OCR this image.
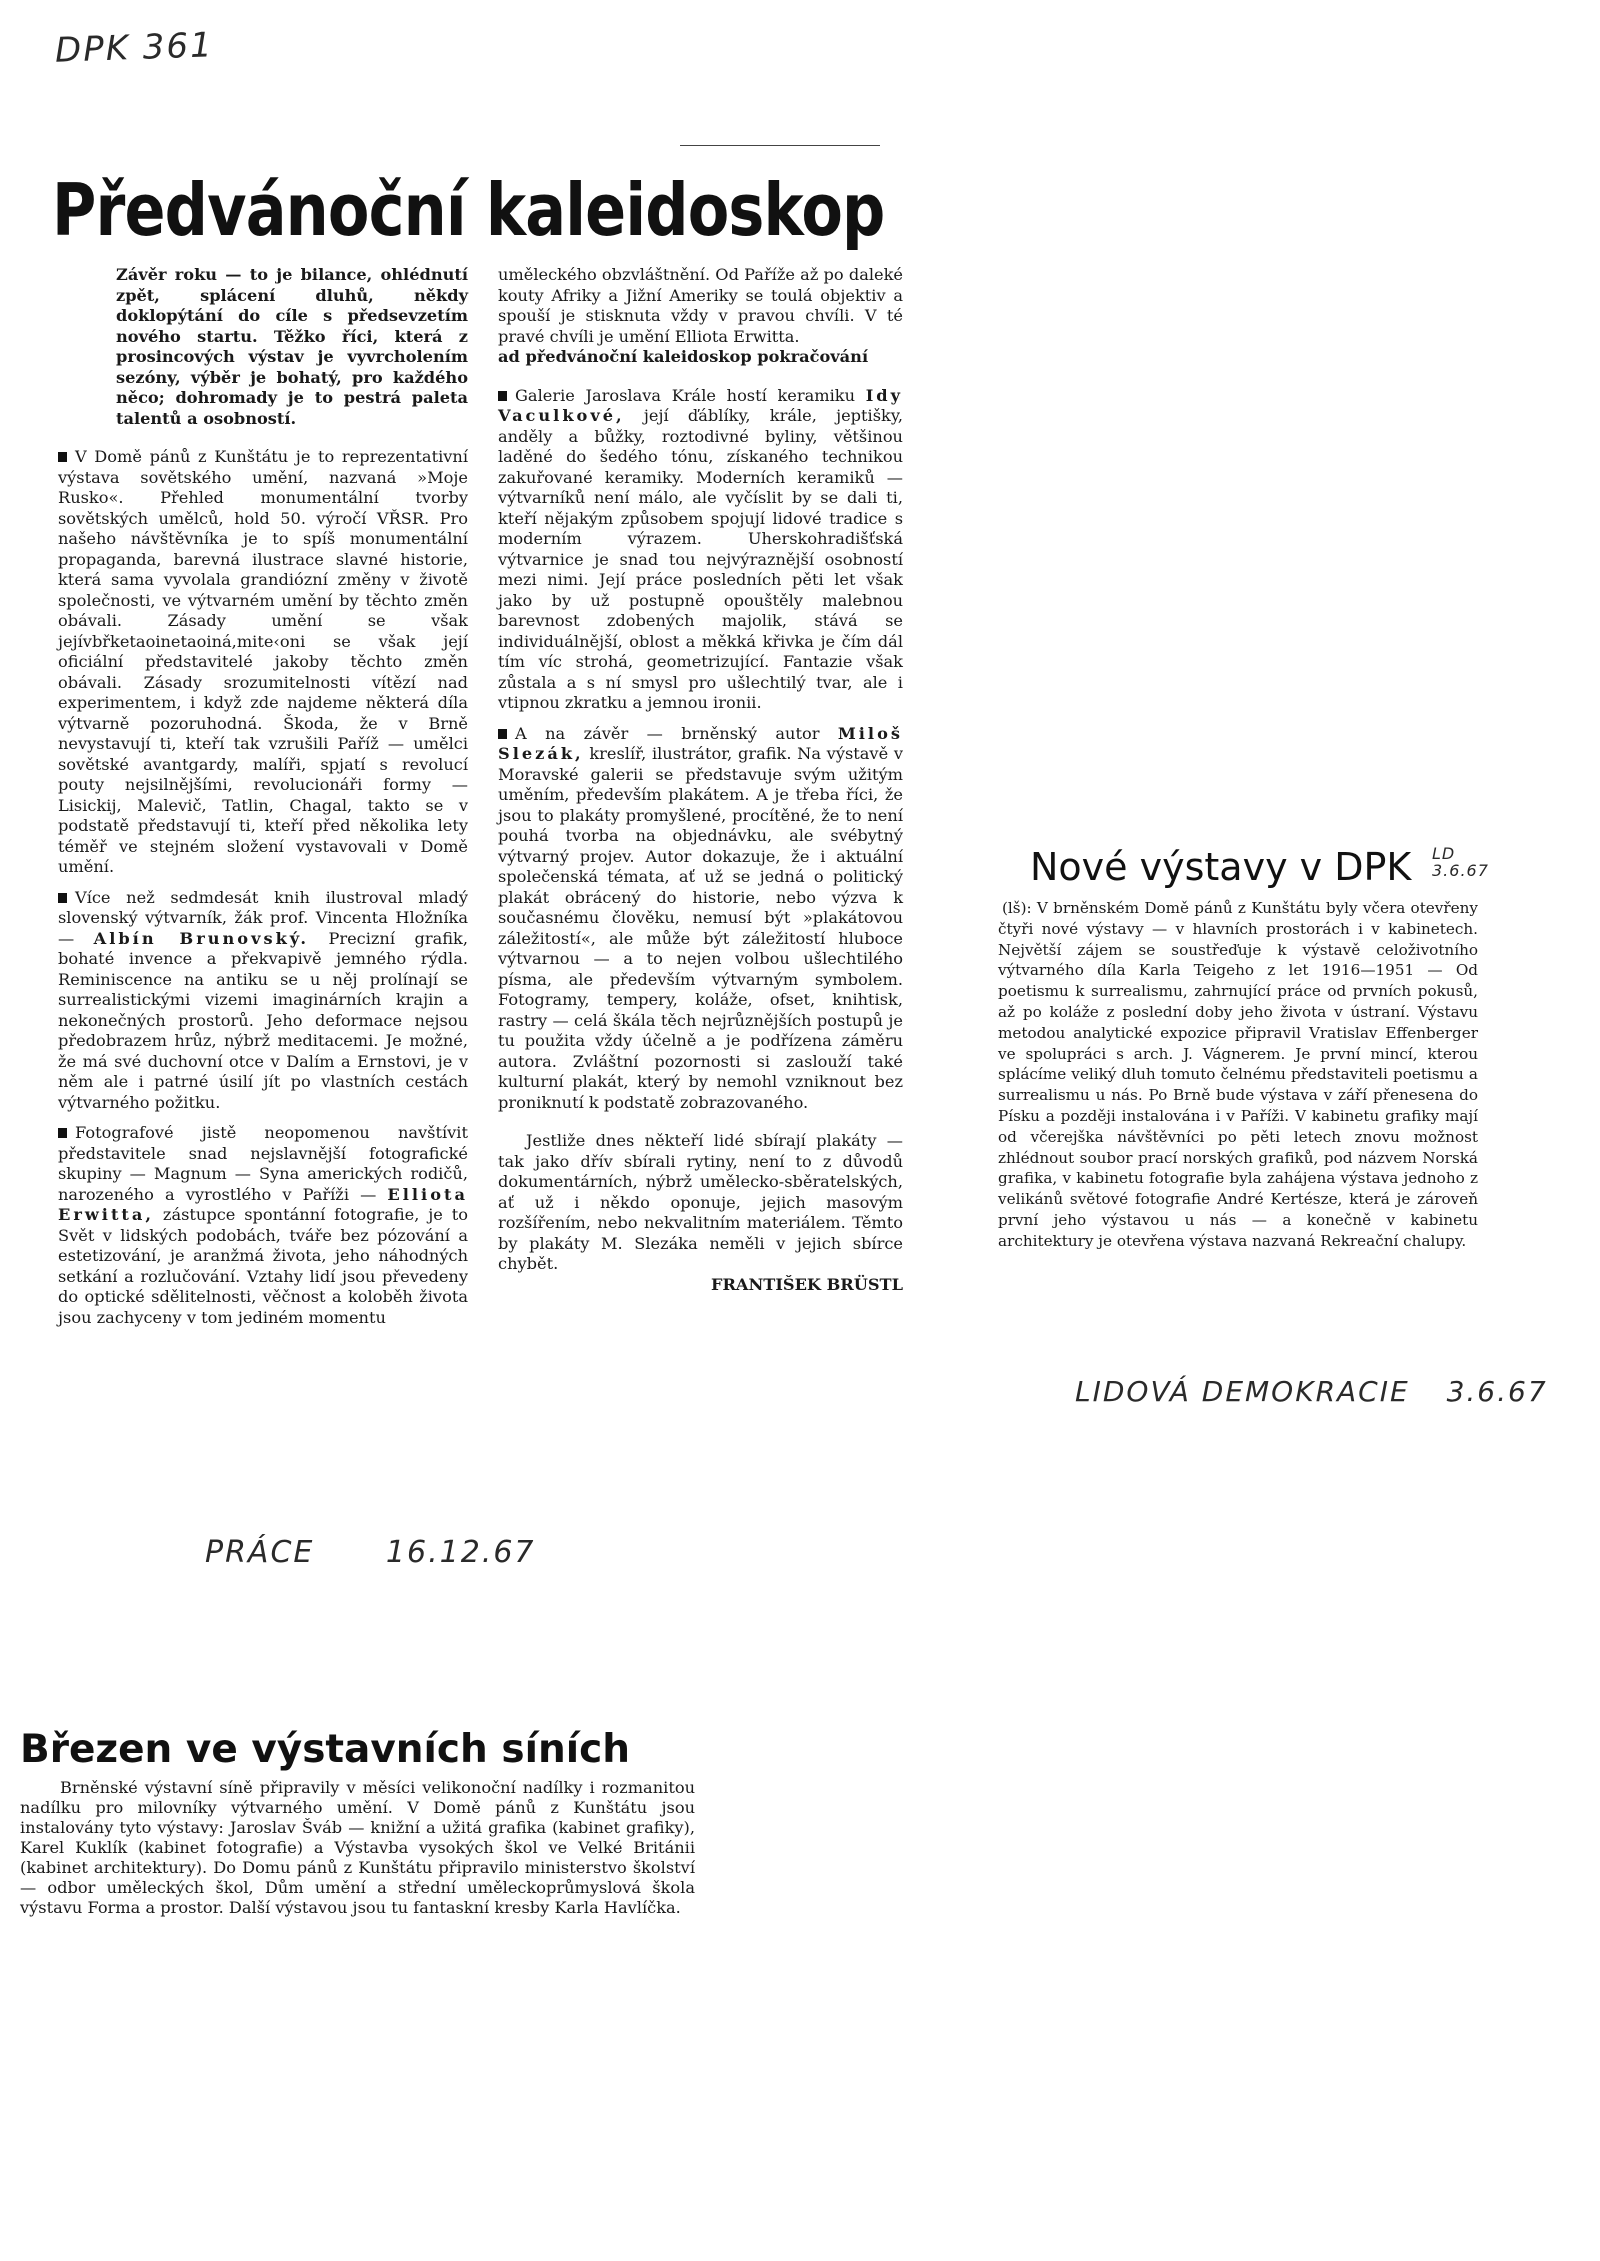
DPK 361
Předvánoční kaleidoskop

Závěr roku — to je bilance, ohlédnutí zpět, splácení dluhů, někdy doklopýtání do cíle s předsevzetím nového startu. Těžko říci, která z prosincových výstav je vyvrcholením sezóny, výběr je bohatý, pro každého něco; dohromady je to pestrá paleta talentů a osobností.

V Domě pánů z Kunštátu je to reprezentativní výstava sovětského umění, nazvaná »Moje Rusko«. Přehled monumentální tvorby sovětských umělců, hold 50. výročí VŘSR. Pro našeho návštěvníka je to spíš monumentální propaganda, barevná ilustrace slavné historie, která sama vyvolala grandiózní změny v životě společnosti, ve výtvarném umění by těchto změn obávali. Zásady umění se však jejívbřketaoinetaoiná,mite‹oni se však její oficiální představitelé jakoby těchto změn obávali. Zásady srozumitelnosti vítězí nad experimentem, i když zde najdeme některá díla výtvarně pozoruhodná. Škoda, že v Brně nevystavují ti, kteří tak vzrušili Paříž — umělci sovětské avantgardy, malíři, spjatí s revolucí pouty nejsilnějšími, revolucionáři formy — Lisickij, Malevič, Tatlin, Chagal, takto se v podstatě představují ti, kteří před několika lety téměř ve stejném složení vystavovali v Domě umění.

Více než sedmdesát knih ilustroval mladý slovenský výtvarník, žák prof. Vincenta Hložníka — Albín Brunovský. Precizní grafik, bohaté invence a překvapivě jemného rýdla. Reminiscence na antiku se u něj prolínají se surrealistickými vizemi imaginárních krajin a nekonečných prostorů. Jeho deformace nejsou předobrazem hrůz, nýbrž meditacemi. Je možné, že má své duchovní otce v Dalím a Ernstovi, je v něm ale i patrné úsilí jít po vlastních cestách výtvarného požitku.

Fotografové jistě neopomenou navštívit představitele snad nejslavnější fotografické skupiny — Magnum — Syna amerických rodičů, narozeného a vyrostlého v Paříži — Elliota Erwitta, zástupce spontánní fotografie, je to Svět v lidských podobách, tváře bez pózování a estetizování, je aranžmá života, jeho náhodných setkání a rozlučování. Vztahy lidí jsou převedeny do optické sdělitelnosti, věčnost a koloběh života jsou zachyceny v tom jediném momentu

uměleckého obzvláštnění. Od Paříže až po daleké kouty Afriky a Jižní Ameriky se toulá objektiv a spouší je stisknuta vždy v pravou chvíli. V té pravé chvíli je umění Elliota Erwitta.

ad předvánoční kaleidoskop pokračování

Galerie Jaroslava Krále hostí keramiku Idy Vaculkové, její ďáblíky, krále, jeptišky, anděly a bůžky, roztodivné byliny, většinou laděné do šedého tónu, získaného technikou zakuřované keramiky. Moderních keramiků — výtvarníků není málo, ale vyčíslit by se dali ti, kteří nějakým způsobem spojují lidové tradice s moderním výrazem. Uherskohradišťská výtvarnice je snad tou nejvýraznější osobností mezi nimi. Její práce posledních pěti let však jako by už postupně opouštěly malebnou barevnost zdobených majolik, stává se individuálnější, oblost a měkká křivka je čím dál tím víc strohá, geometrizující. Fantazie však zůstala a s ní smysl pro ušlechtilý tvar, ale i vtipnou zkratku a jemnou ironii.

A na závěr — brněnský autor Miloš Slezák, kreslíř, ilustrátor, grafik. Na výstavě v Moravské galerii se představuje svým užitým uměním, především plakátem. A je třeba říci, že jsou to plakáty promyšlené, procítěné, že to není pouhá tvorba na objednávku, ale svébytný výtvarný projev. Autor dokazuje, že i aktuální společenská témata, ať už se jedná o politický plakát obrácený do historie, nebo výzva k současnému člověku, nemusí být »plakátovou záležitostí«, ale může být záležitostí hluboce výtvarnou — a to nejen volbou ušlechtilého písma, ale především výtvarným symbolem. Fotogramy, tempery, koláže, ofset, knihtisk, rastry — celá škála těch nejrůznějších postupů je tu použita vždy účelně a je podřízena záměru autora. Zvláštní pozornosti si zaslouží také kulturní plakát, který by nemohl vzniknout bez proniknutí k podstatě zobrazovaného.

Jestliže dnes někteří lidé sbírají plakáty — tak jako dřív sbírali rytiny, není to z důvodů dokumentárních, nýbrž umělecko-sběratelských, ať už i někdo oponuje, jejich masovým rozšířením, nebo nekvalitním materiálem. Těmto by plakáty M. Slezáka neměli v jejich sbírce chybět.

FRANTIŠEK BRÜSTL

PRÁCE 16.12.67
Nové výstavy v DPK LD
3.6.67
(lš): V brněnském Domě pánů z Kunštátu byly včera otevřeny čtyři nové výstavy — v hlavních prostorách i v kabinetech. Největší zájem se soustřeďuje k výstavě celoživotního výtvarného díla Karla Teigeho z let 1916—1951 — Od poetismu k surrealismu, zahrnující práce od prvních pokusů, až po koláže z poslední doby jeho života v ústraní. Výstavu metodou analytické expozice připravil Vratislav Effenberger ve spolupráci s arch. J. Vágnerem. Je první mincí, kterou splácíme veliký dluh tomuto čelnému představiteli poetismu a surrealismu u nás. Po Brně bude výstava v září přenesena do Písku a později instalována i v Paříži. V kabinetu grafiky mají od včerejška návštěvníci po pěti letech znovu možnost zhlédnout soubor prací norských grafiků, pod názvem Norská grafika, v kabinetu fotografie byla zahájena výstava jednoho z velikánů světové fotografie André Kertésze, která je zároveň první jeho výstavou u nás — a konečně v kabinetu architektury je otevřena výstava nazvaná Rekreační chalupy.
LIDOVÁ DEMOKRACIE 3.6.67
Březen ve výstavních síních
Brněnské výstavní síně připravily v měsíci velikonoční nadílky i rozmanitou nadílku pro milovníky výtvarného umění. V Domě pánů z Kunštátu jsou instalovány tyto výstavy: Jaroslav Šváb — knižní a užitá grafika (kabinet grafiky), Karel Kuklík (kabinet fotografie) a Výstavba vysokých škol ve Velké Británii (kabinet architektury). Do Domu pánů z Kunštátu připravilo ministerstvo školství — odbor uměleckých škol, Dům umění a střední uměleckoprůmyslová škola výstavu Forma a prostor. Další výstavou jsou tu fantaskní kresby Karla Havlíčka.
